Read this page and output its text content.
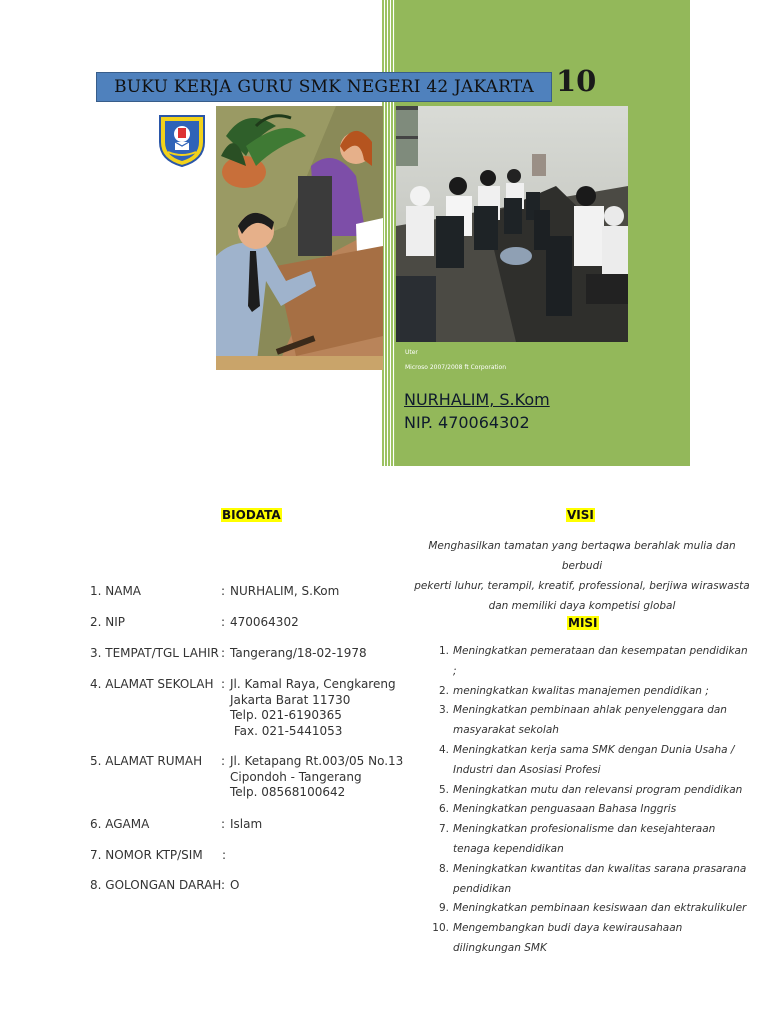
BUKU KERJA GURU SMK NEGERI 42 JAKARTA 10
Uter
Microso 2007/2008 ft Corporation
NURHALIM, S.Kom
NIP. 470064302
BIODATA
1. NAMA	: NURHALIM, S.Kom
2. NIP	: 470064302
3. TEMPAT/TGL LAHIR : Tangerang/18-02-1978
4. ALAMAT SEKOLAH : Jl. Kamal Raya, Cengkareng
Jakarta Barat 11730
Telp. 021-6190365
Fax. 021-5441053
5. ALAMAT RUMAH : Jl. Ketapang Rt.003/05 No.13
Cipondoh - Tangerang
Telp. 08568100642
6. AGAMA	: Islam
7. NOMOR KTP/SIM :
8. GOLONGAN DARAH : O
VISI
Menghasilkan tamatan yang bertaqwa berahlak mulia dan berbudi
pekerti luhur, terampil, kreatif, professional, berjiwa wiraswasta
dan memiliki daya kompetisi global
MISI
1. Meningkatkan pemerataan dan kesempatan pendidikan ;
2. meningkatkan kwalitas manajemen pendidikan ;
3. Meningkatkan pembinaan ahlak penyelenggara dan masyarakat sekolah
4. Meningkatkan kerja sama SMK dengan Dunia Usaha / Industri dan Asosiasi Profesi
5. Meningkatkan mutu dan relevansi program pendidikan
6. Meningkatkan penguasaan Bahasa Inggris
7. Meningkatkan profesionalisme dan kesejahteraan tenaga kependidikan
8. Meningkatkan kwantitas dan kwalitas sarana prasarana pendidikan
9. Meningkatkan pembinaan kesiswaan dan ektrakulikuler
10. Mengembangkan budi daya kewirausahaan dilingkungan SMK
